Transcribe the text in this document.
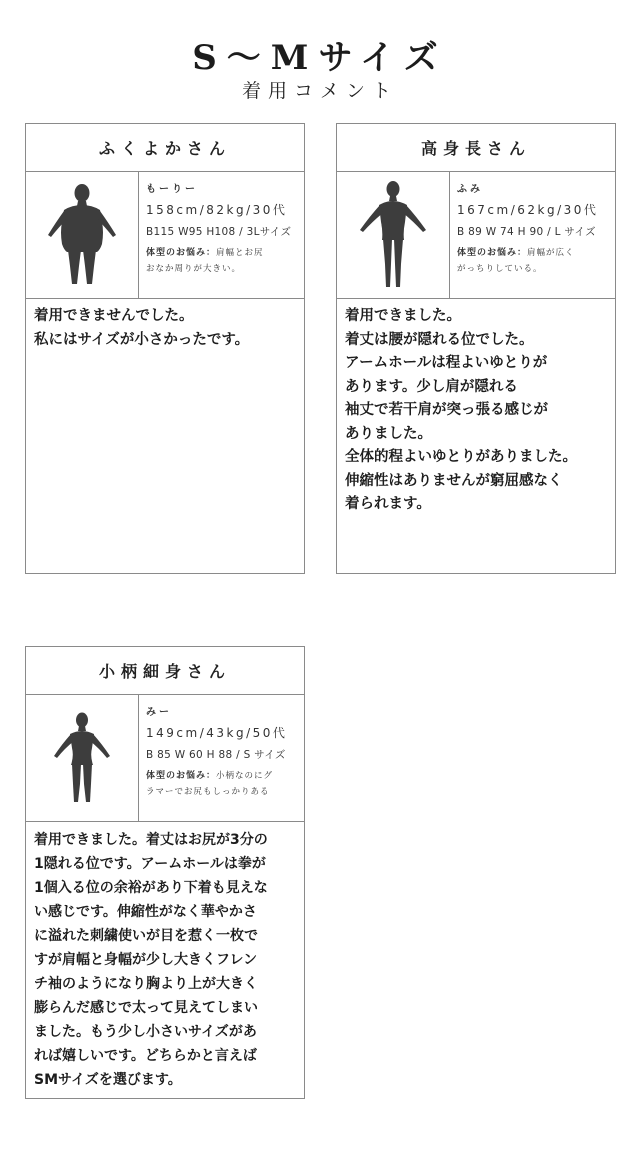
S～Mサイズ
着用コメント
ふくよかさん
もーりー
158cm/82kg/30代
B115 W95 H108 / 3Lサイズ
体型のお悩み：肩幅とお尻
おなか周りが大きい。
着用できませんでした。
私にはサイズが小さかったです。
高身長さん
ふみ
167cm/62kg/30代
B 89 W 74 H 90 / L サイズ
体型のお悩み：肩幅が広く
がっちりしている。
着用できました。
着丈は腰が隠れる位でした。
アームホールは程よいゆとりが
あります。少し肩が隠れる
袖丈で若干肩が突っ張る感じが
ありました。
全体的程よいゆとりがありました。
伸縮性はありませんが窮屈感なく
着られます。
小柄細身さん
みー
149cm/43kg/50代
B 85 W 60 H 88 / S サイズ
体型のお悩み：小柄なのにグ
ラマーでお尻もしっかりある
着用できました。着丈はお尻が3分の
1隠れる位です。アームホールは拳が
1個入る位の余裕があり下着も見えな
い感じです。伸縮性がなく華やかさ
に溢れた刺繍使いが目を惹く一枚で
すが肩幅と身幅が少し大きくフレン
チ袖のようになり胸より上が大きく
膨らんだ感じで太って見えてしまい
ました。もう少し小さいサイズがあ
れば嬉しいです。どちらかと言えば
SMサイズを選びます。
